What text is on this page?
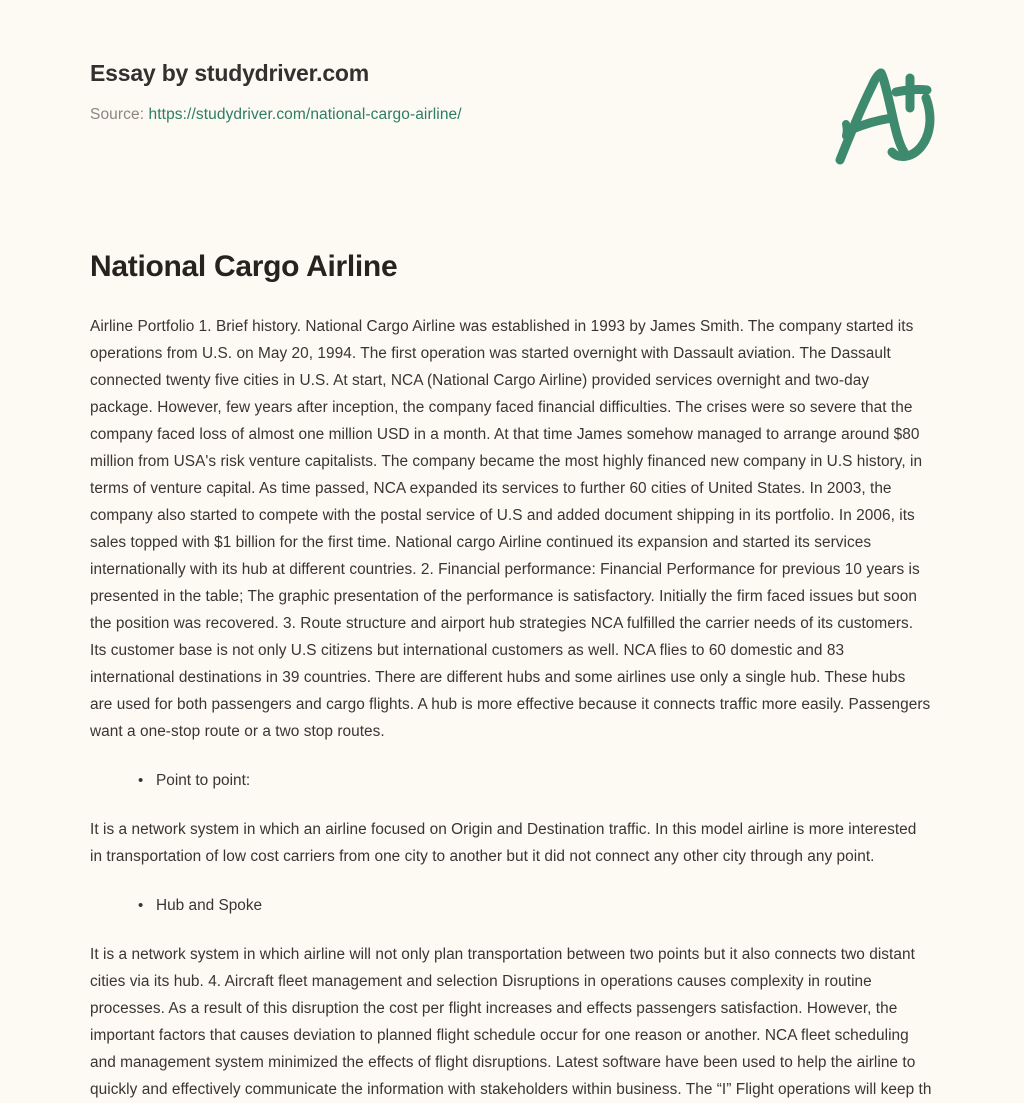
Essay by studydriver.com
Source: https://studydriver.com/national-cargo-airline/
National Cargo Airline

Airline Portfolio 1. Brief history. National Cargo Airline was established in 1993 by James Smith. The company started its operations from U.S. on May 20, 1994. The first operation was started overnight with Dassault aviation. The Dassault connected twenty five cities in U.S. At start, NCA (National Cargo Airline) provided services overnight and two-day package. However, few years after inception, the company faced financial difficulties. The crises were so severe that the company faced loss of almost one million USD in a month. At that time James somehow managed to arrange around $80 million from USA's risk venture capitalists. The company became the most highly financed new company in U.S history, in terms of venture capital. As time passed, NCA expanded its services to further 60 cities of United States. In 2003, the company also started to compete with the postal service of U.S and added document shipping in its portfolio. In 2006, its sales topped with $1 billion for the first time. National cargo Airline continued its expansion and started its services internationally with its hub at different countries. 2. Financial performance: Financial Performance for previous 10 years is presented in the table; The graphic presentation of the performance is satisfactory. Initially the firm faced issues but soon the position was recovered. 3. Route structure and airport hub strategies NCA fulfilled the carrier needs of its customers. Its customer base is not only U.S citizens but international customers as well. NCA flies to 60 domestic and 83 international destinations in 39 countries. There are different hubs and some airlines use only a single hub. These hubs are used for both passengers and cargo flights. A hub is more effective because it connects traffic more easily. Passengers want a one-stop route or a two stop routes.

• Point to point:

It is a network system in which an airline focused on Origin and Destination traffic. In this model airline is more interested in transportation of low cost carriers from one city to another but it did not connect any other city through any point.

• Hub and Spoke

It is a network system in which airline will not only plan transportation between two points but it also connects two distant cities via its hub. 4. Aircraft fleet management and selection Disruptions in operations causes complexity in routine processes. As a result of this disruption the cost per flight increases and effects passengers satisfaction. However, the important factors that causes deviation to planned flight schedule occur for one reason or another. NCA fleet scheduling and management system minimized the effects of flight disruptions. Latest software have been used to help the airline to quickly and effectively communicate the information with stakeholders within business. The “I” Flight operations will keep th
